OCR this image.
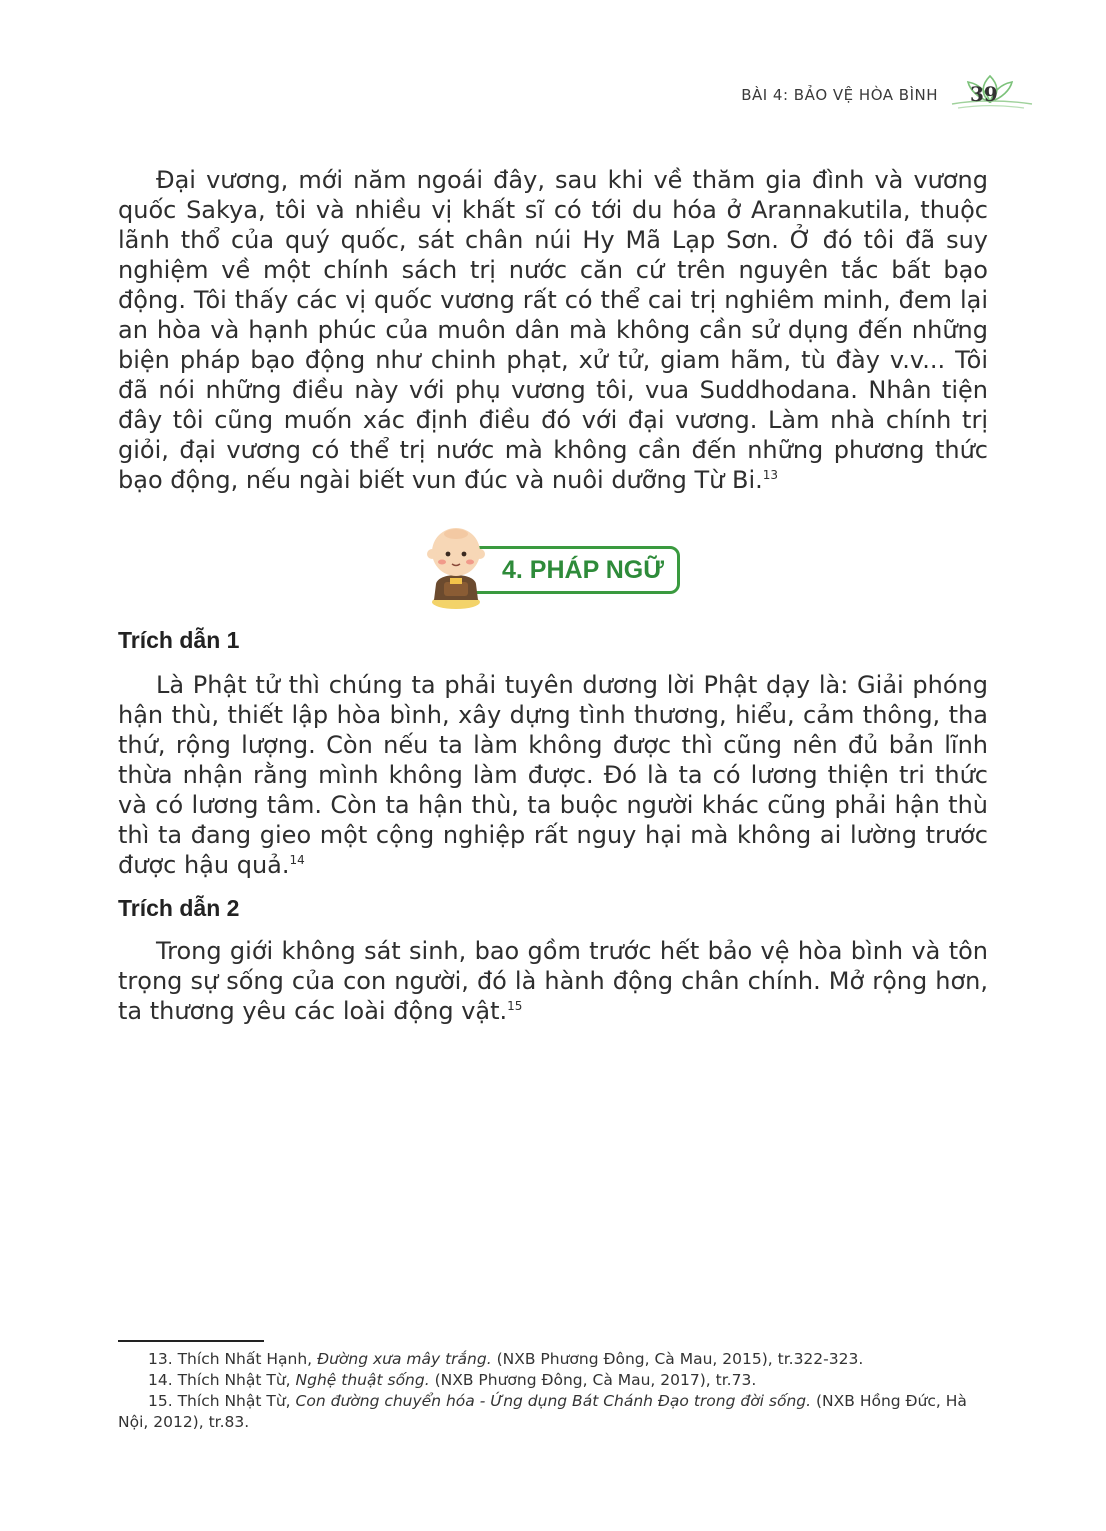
BÀI 4: BẢO VỆ HÒA BÌNH 39

Đại vương, mới năm ngoái đây, sau khi về thăm gia đình và vương quốc Sakya, tôi và nhiều vị khất sĩ có tới du hóa ở Arannakutila, thuộc lãnh thổ của quý quốc, sát chân núi Hy Mã Lạp Sơn. Ở đó tôi đã suy nghiệm về một chính sách trị nước căn cứ trên nguyên tắc bất bạo động. Tôi thấy các vị quốc vương rất có thể cai trị nghiêm minh, đem lại an hòa và hạnh phúc của muôn dân mà không cần sử dụng đến những biện pháp bạo động như chinh phạt, xử tử, giam hãm, tù đày v.v... Tôi đã nói những điều này với phụ vương tôi, vua Suddhodana. Nhân tiện đây tôi cũng muốn xác định điều đó với đại vương. Làm nhà chính trị giỏi, đại vương có thể trị nước mà không cần đến những phương thức bạo động, nếu ngài biết vun đúc và nuôi dưỡng Từ Bi.$^{13}$

4. PHÁP NGỮ
Trích dẫn 1

Là Phật tử thì chúng ta phải tuyên dương lời Phật dạy là: Giải phóng hận thù, thiết lập hòa bình, xây dựng tình thương, hiểu, cảm thông, tha thứ, rộng lượng. Còn nếu ta làm không được thì cũng nên đủ bản lĩnh thừa nhận rằng mình không làm được. Đó là ta có lương thiện tri thức và có lương tâm. Còn ta hận thù, ta buộc người khác cũng phải hận thù thì ta đang gieo một cộng nghiệp rất nguy hại mà không ai lường trước được hậu quả.$^{14}$

Trích dẫn 2

Trong giới không sát sinh, bao gồm trước hết bảo vệ hòa bình và tôn trọng sự sống của con người, đó là hành động chân chính. Mở rộng hơn, ta thương yêu các loài động vật.$^{15}$

13. Thích Nhất Hạnh, Đường xưa mây trắng. (NXB Phương Đông, Cà Mau, 2015), tr.322-323.

14. Thích Nhật Từ, Nghệ thuật sống. (NXB Phương Đông, Cà Mau, 2017), tr.73.

15. Thích Nhật Từ, Con đường chuyển hóa - Ứng dụng Bát Chánh Đạo trong đời sống. (NXB Hồng Đức, Hà Nội, 2012), tr.83.
